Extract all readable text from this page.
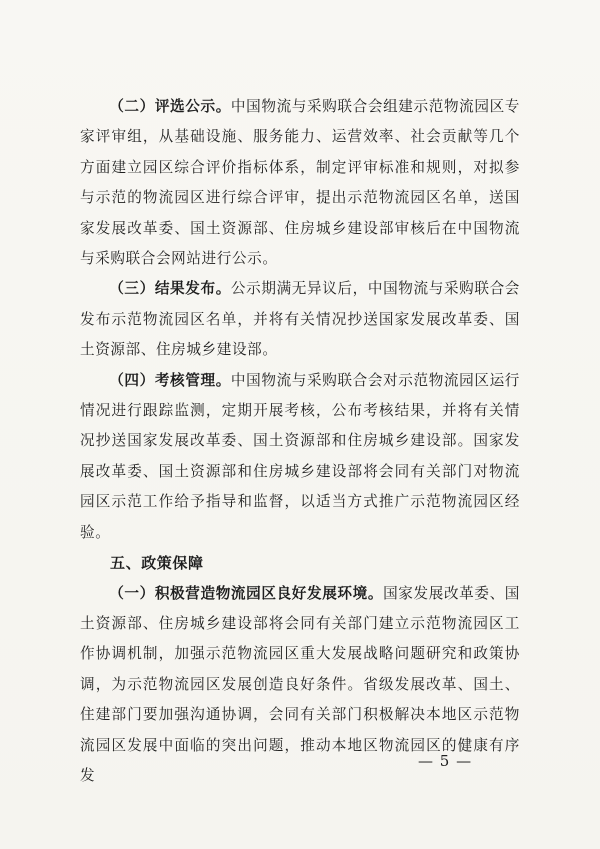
（二）评选公示。中国物流与采购联合会组建示范物流园区专家评审组，从基础设施、服务能力、运营效率、社会贡献等几个方面建立园区综合评价指标体系，制定评审标准和规则，对拟参与示范的物流园区进行综合评审，提出示范物流园区名单，送国家发展改革委、国土资源部、住房城乡建设部审核后在中国物流与采购联合会网站进行公示。

（三）结果发布。公示期满无异议后，中国物流与采购联合会发布示范物流园区名单，并将有关情况抄送国家发展改革委、国土资源部、住房城乡建设部。

（四）考核管理。中国物流与采购联合会对示范物流园区运行情况进行跟踪监测，定期开展考核，公布考核结果，并将有关情况抄送国家发展改革委、国土资源部和住房城乡建设部。国家发展改革委、国土资源部和住房城乡建设部将会同有关部门对物流园区示范工作给予指导和监督，以适当方式推广示范物流园区经验。

五、政策保障

（一）积极营造物流园区良好发展环境。国家发展改革委、国土资源部、住房城乡建设部将会同有关部门建立示范物流园区工作协调机制，加强示范物流园区重大发展战略问题研究和政策协调，为示范物流园区发展创造良好条件。省级发展改革、国土、住建部门要加强沟通协调，会同有关部门积极解决本地区示范物流园区发展中面临的突出问题，推动本地区物流园区的健康有序发

— 5 —
